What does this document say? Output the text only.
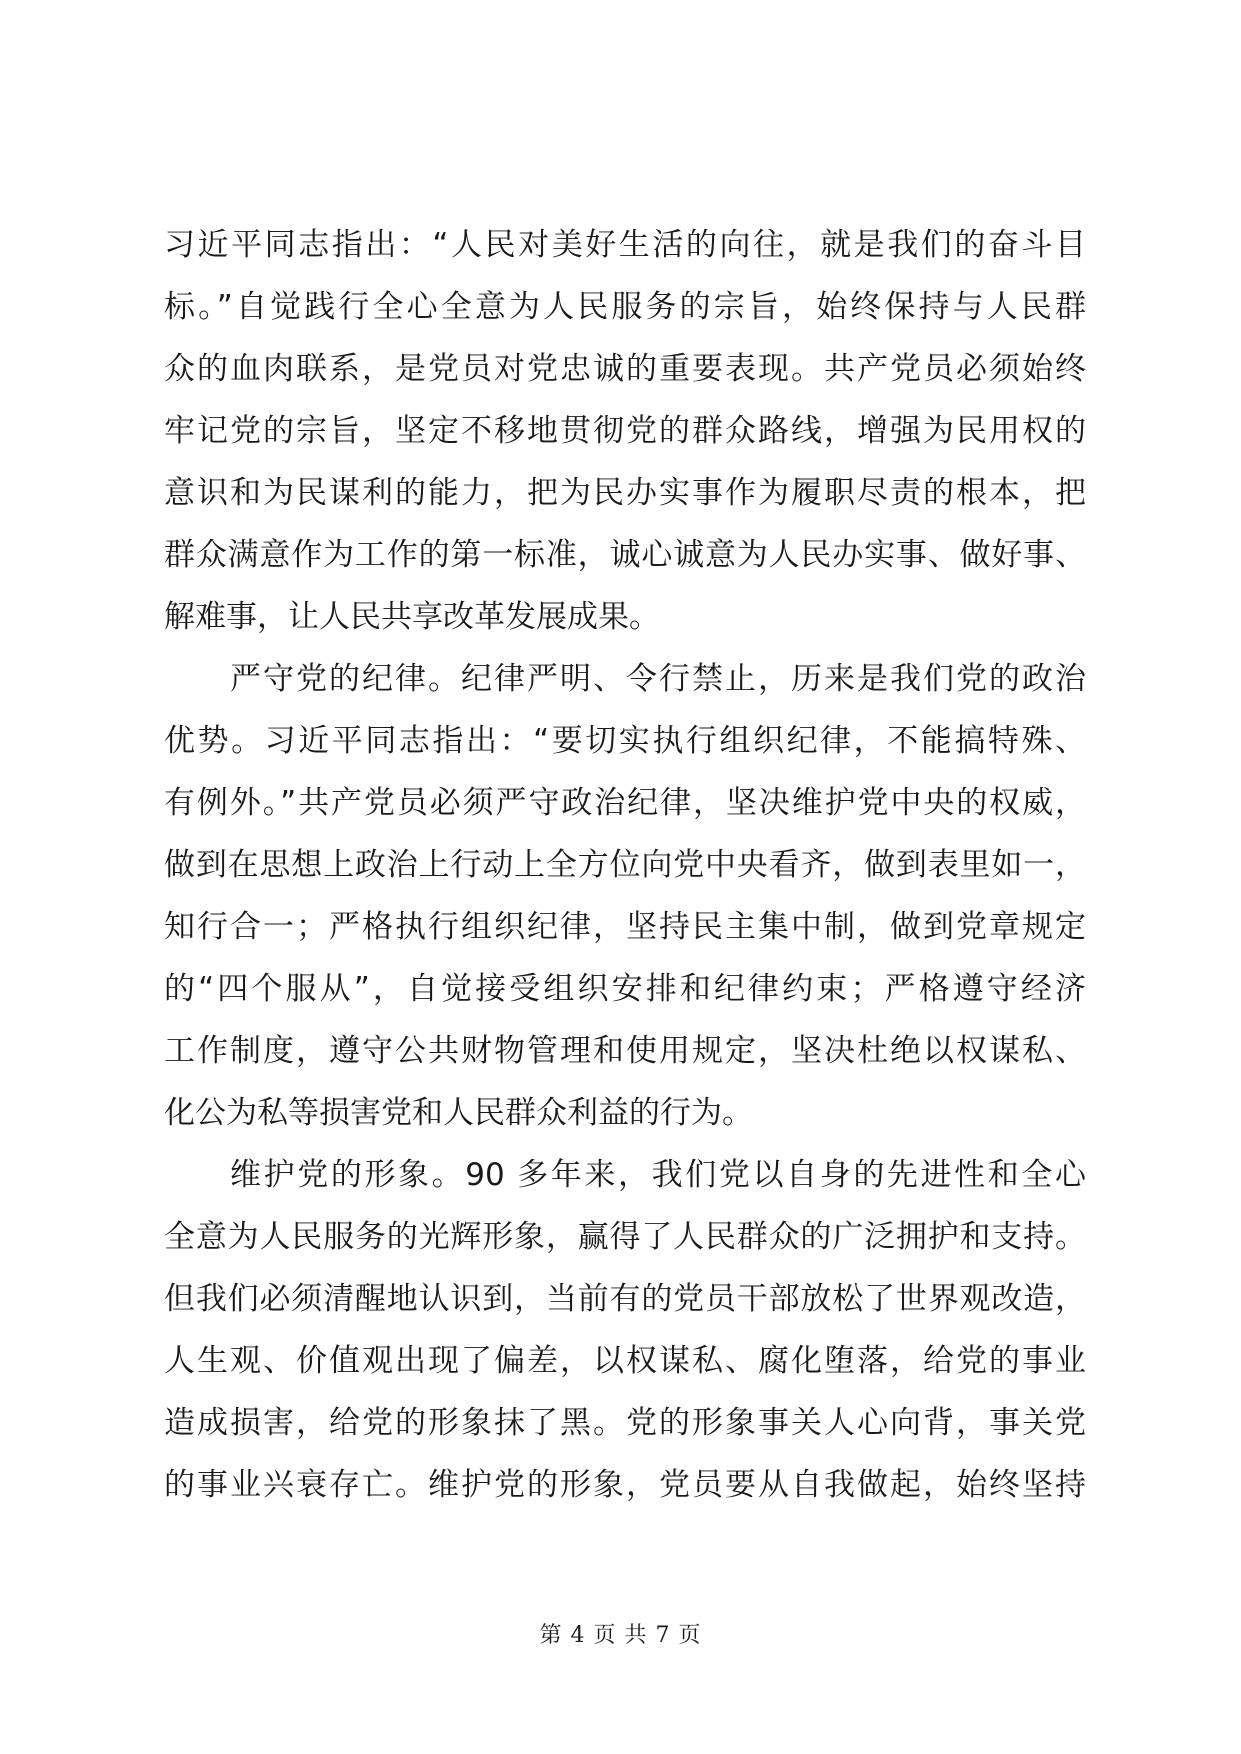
习近平同志指出：“人民对美好生活的向往，就是我们的奋斗目
标。”自觉践行全心全意为人民服务的宗旨，始终保持与人民群
众的血肉联系，是党员对党忠诚的重要表现。共产党员必须始终
牢记党的宗旨，坚定不移地贯彻党的群众路线，增强为民用权的
意识和为民谋利的能力，把为民办实事作为履职尽责的根本，把
群众满意作为工作的第一标准，诚心诚意为人民办实事、做好事、
解难事，让人民共享改革发展成果。
严守党的纪律。纪律严明、令行禁止，历来是我们党的政治
优势。习近平同志指出：“要切实执行组织纪律，不能搞特殊、
有例外。”共产党员必须严守政治纪律，坚决维护党中央的权威，
做到在思想上政治上行动上全方位向党中央看齐，做到表里如一，
知行合一；严格执行组织纪律，坚持民主集中制，做到党章规定
的“四个服从”，自觉接受组织安排和纪律约束；严格遵守经济
工作制度，遵守公共财物管理和使用规定，坚决杜绝以权谋私、
化公为私等损害党和人民群众利益的行为。
维护党的形象。90 多年来，我们党以自身的先进性和全心
全意为人民服务的光辉形象，赢得了人民群众的广泛拥护和支持。
但我们必须清醒地认识到，当前有的党员干部放松了世界观改造，
人生观、价值观出现了偏差，以权谋私、腐化堕落，给党的事业
造成损害，给党的形象抹了黑。党的形象事关人心向背，事关党
的事业兴衰存亡。维护党的形象，党员要从自我做起，始终坚持
第 4 页 共 7 页
